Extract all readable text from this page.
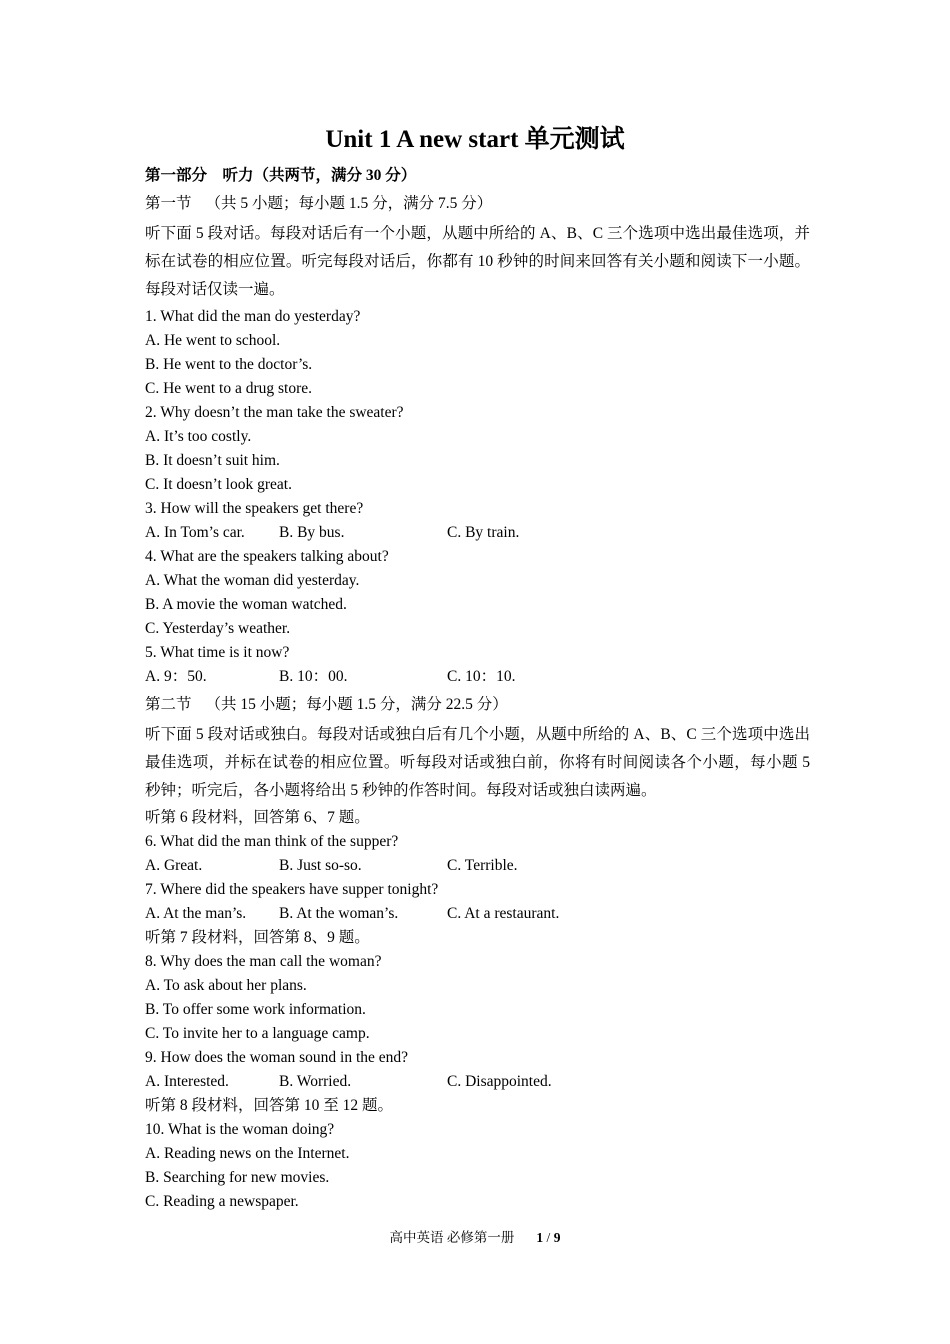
Unit 1 A new start 单元测试
第一部分　听力（共两节，满分 30 分）
第一节 （共 5 小题；每小题 1.5 分，满分 7.5 分）
听下面 5 段对话。每段对话后有一个小题，从题中所给的 A、B、C 三个选项中选出最佳选项，并标在试卷的相应位置。听完每段对话后，你都有 10 秒钟的时间来回答有关小题和阅读下一小题。每段对话仅读一遍。
1. What did the man do yesterday?
A. He went to school.
B. He went to the doctor’s.
C. He went to a drug store.
2. Why doesn’t the man take the sweater?
A. It’s too costly.
B. It doesn’t suit him.
C. It doesn’t look great.
3. How will the speakers get there?
A. In Tom’s car.	B. By bus.	C. By train.
4. What are the speakers talking about?
A. What the woman did yesterday.
B. A movie the woman watched.
C. Yesterday’s weather.
5. What time is it now?
A. 9：50.	B. 10：00.	C. 10：10.
第二节 （共 15 小题；每小题 1.5 分，满分 22.5 分）
听下面 5 段对话或独白。每段对话或独白后有几个小题，从题中所给的 A、B、C 三个选项中选出最佳选项，并标在试卷的相应位置。听每段对话或独白前，你将有时间阅读各个小题，每小题 5 秒钟；听完后，各小题将给出 5 秒钟的作答时间。每段对话或独白读两遍。
听第 6 段材料，回答第 6、7 题。
6. What did the man think of the supper?
A. Great.	B. Just so-so.	C. Terrible.
7. Where did the speakers have supper tonight?
A. At the man’s.	B. At the woman’s.	C. At a restaurant.
听第 7 段材料，回答第 8、9 题。
8. Why does the man call the woman?
A. To ask about her plans.
B. To offer some work information.
C. To invite her to a language camp.
9. How does the woman sound in the end?
A. Interested.	B. Worried.	C. Disappointed.
听第 8 段材料，回答第 10 至 12 题。
10. What is the woman doing?
A. Reading news on the Internet.
B. Searching for new movies.
C. Reading a newspaper.
高中英语 必修第一册 1 / 9
